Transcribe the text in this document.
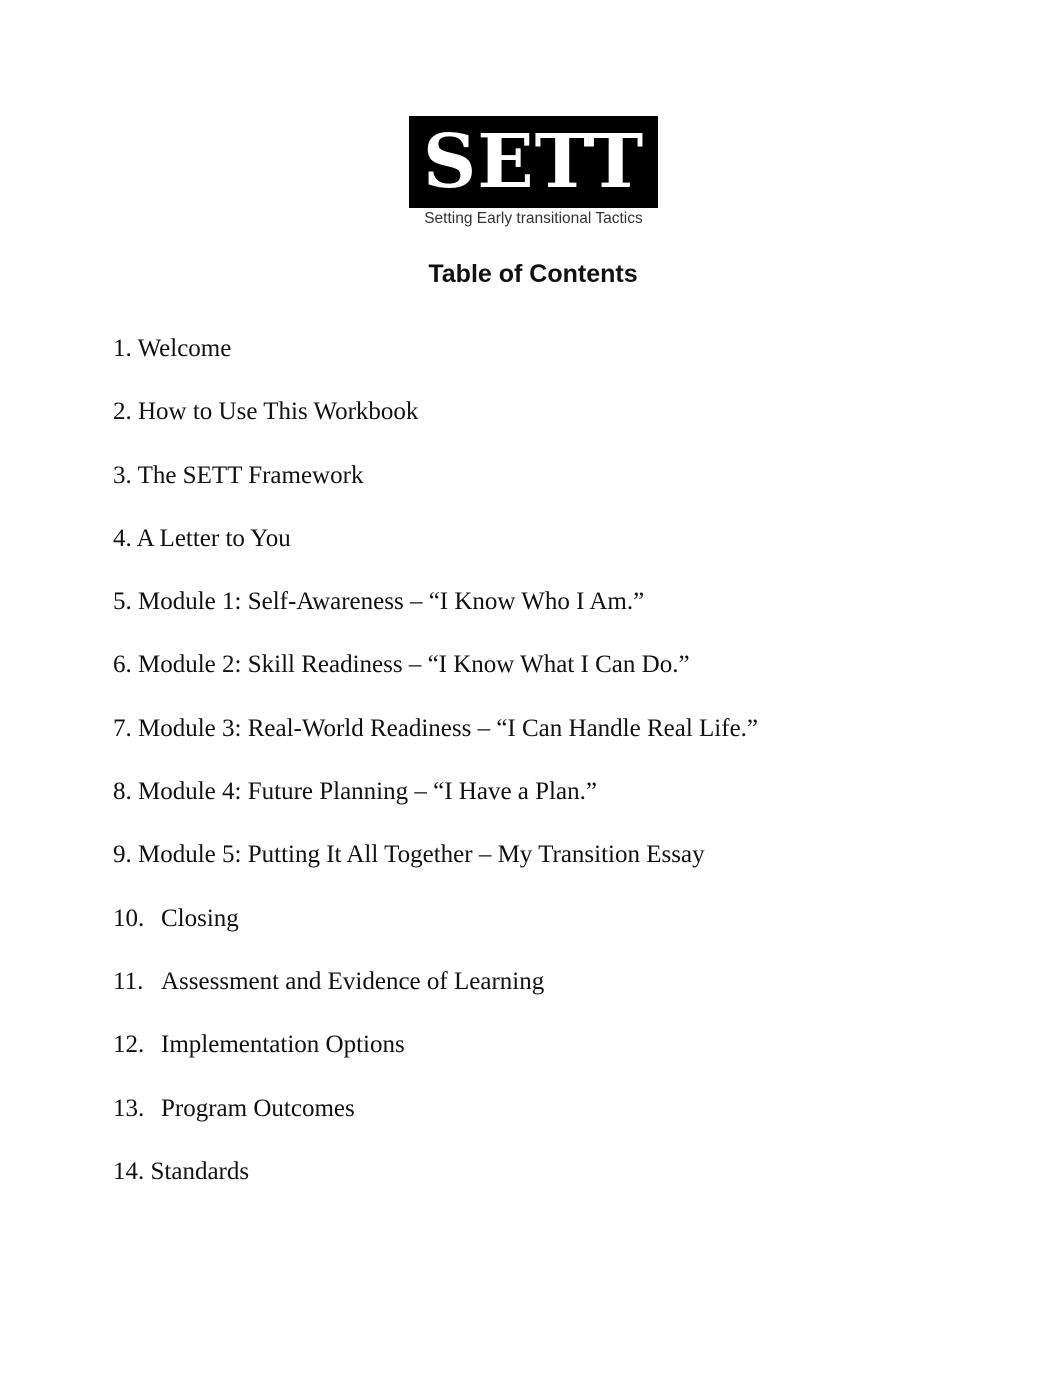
SETT
Setting Early transitional Tactics
Table of Contents
1. Welcome
2. How to Use This Workbook
3. The SETT Framework
4. A Letter to You
5. Module 1: Self-Awareness – “I Know Who I Am.”
6. Module 2: Skill Readiness – “I Know What I Can Do.”
7. Module 3: Real-World Readiness – “I Can Handle Real Life.”
8. Module 4: Future Planning – “I Have a Plan.”
9. Module 5: Putting It All Together – My Transition Essay
10. Closing
11. Assessment and Evidence of Learning
12. Implementation Options
13. Program Outcomes
14. Standards
